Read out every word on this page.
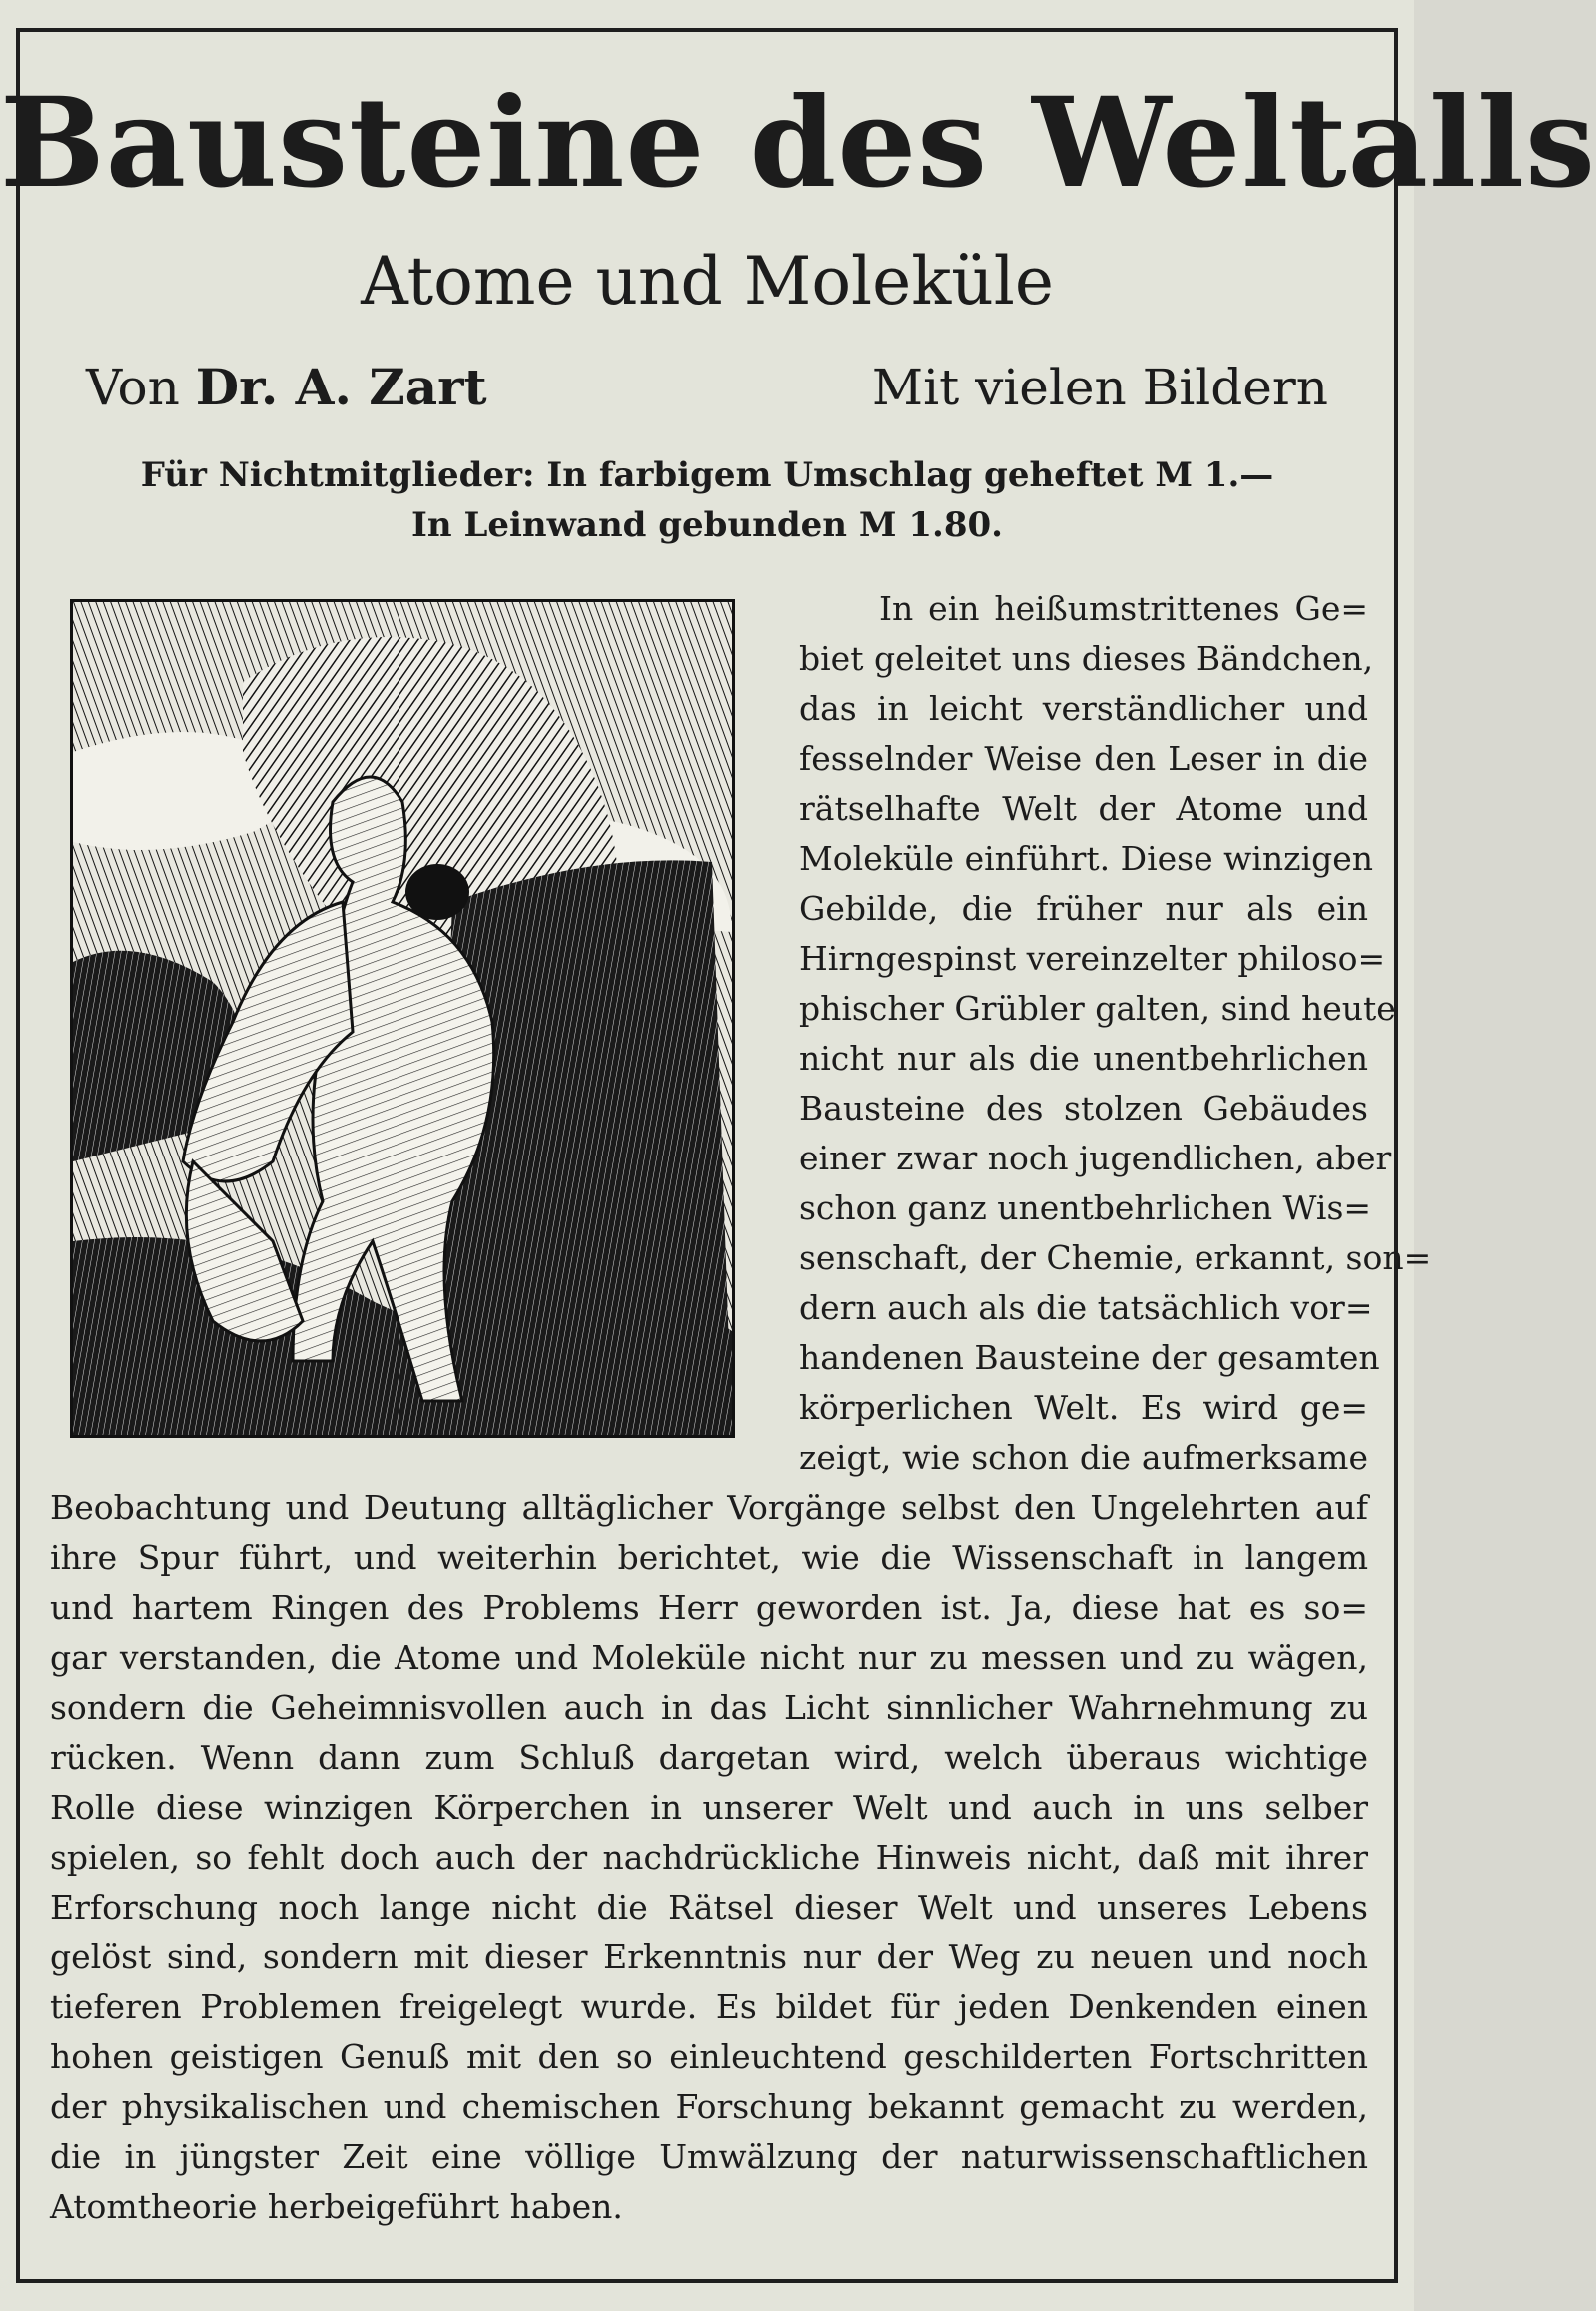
Bausteine des Weltalls
Atome und Moleküle
Von Dr. A. Zart	Mit vielen Bildern
Für Nichtmitglieder: In farbigem Umschlag geheftet M 1.—
In Leinwand gebunden M 1.80.
In ein heißumstrittenes Ge=
biet geleitet uns dieses Bändchen,
das in leicht verständlicher und
fesselnder Weise den Leser in die
rätselhafte Welt der Atome und
Moleküle einführt. Diese winzigen
Gebilde, die früher nur als ein
Hirngespinst vereinzelter philoso=
phischer Grübler galten, sind heute
nicht nur als die unentbehrlichen
Bausteine des stolzen Gebäudes
einer zwar noch jugendlichen, aber
schon ganz unentbehrlichen Wis=
senschaft, der Chemie, erkannt, son=
dern auch als die tatsächlich vor=
handenen Bausteine der gesamten
körperlichen Welt. Es wird ge=
zeigt, wie schon die aufmerksame
Beobachtung und Deutung alltäglicher Vorgänge selbst den Ungelehrten auf
ihre Spur führt, und weiterhin berichtet, wie die Wissenschaft in langem
und hartem Ringen des Problems Herr geworden ist. Ja, diese hat es so=
gar verstanden, die Atome und Moleküle nicht nur zu messen und zu wägen,
sondern die Geheimnisvollen auch in das Licht sinnlicher Wahrnehmung zu
rücken. Wenn dann zum Schluß dargetan wird, welch überaus wichtige
Rolle diese winzigen Körperchen in unserer Welt und auch in uns selber
spielen, so fehlt doch auch der nachdrückliche Hinweis nicht, daß mit ihrer
Erforschung noch lange nicht die Rätsel dieser Welt und unseres Lebens
gelöst sind, sondern mit dieser Erkenntnis nur der Weg zu neuen und noch
tieferen Problemen freigelegt wurde. Es bildet für jeden Denkenden einen
hohen geistigen Genuß mit den so einleuchtend geschilderten Fortschritten
der physikalischen und chemischen Forschung bekannt gemacht zu werden,
die in jüngster Zeit eine völlige Umwälzung der naturwissenschaftlichen
Atomtheorie herbeigeführt haben.
